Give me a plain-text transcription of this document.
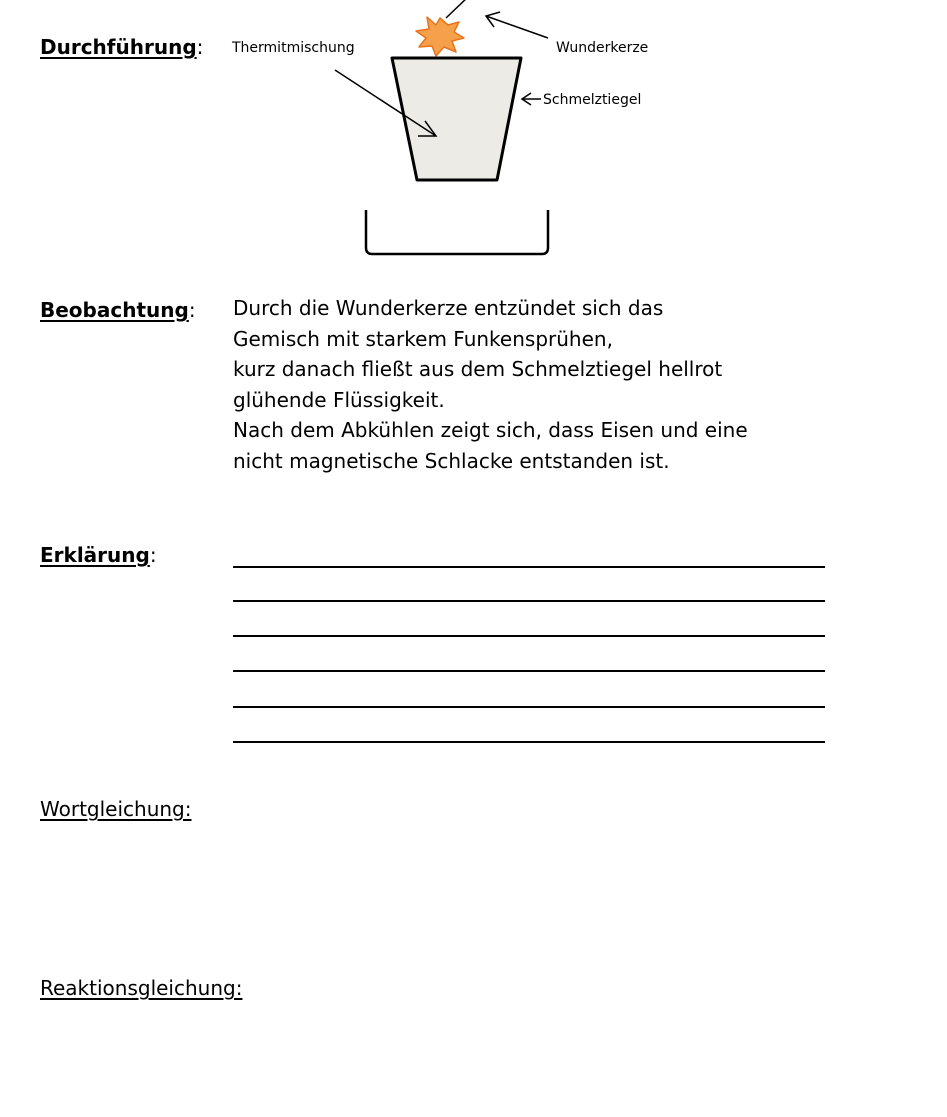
Durchführung: Thermitmischung	Wunderkerze
Schmelztiegel
Beobachtung: Durch die Wunderkerze entzündet sich das
Gemisch mit starkem Funkensprühen,
kurz danach fließt aus dem Schmelztiegel hellrot
glühende Flüssigkeit.
Nach dem Abkühlen zeigt sich, dass Eisen und eine
nicht magnetische Schlacke entstanden ist.
Erklärung:
Wortgleichung:
Reaktionsgleichung:
